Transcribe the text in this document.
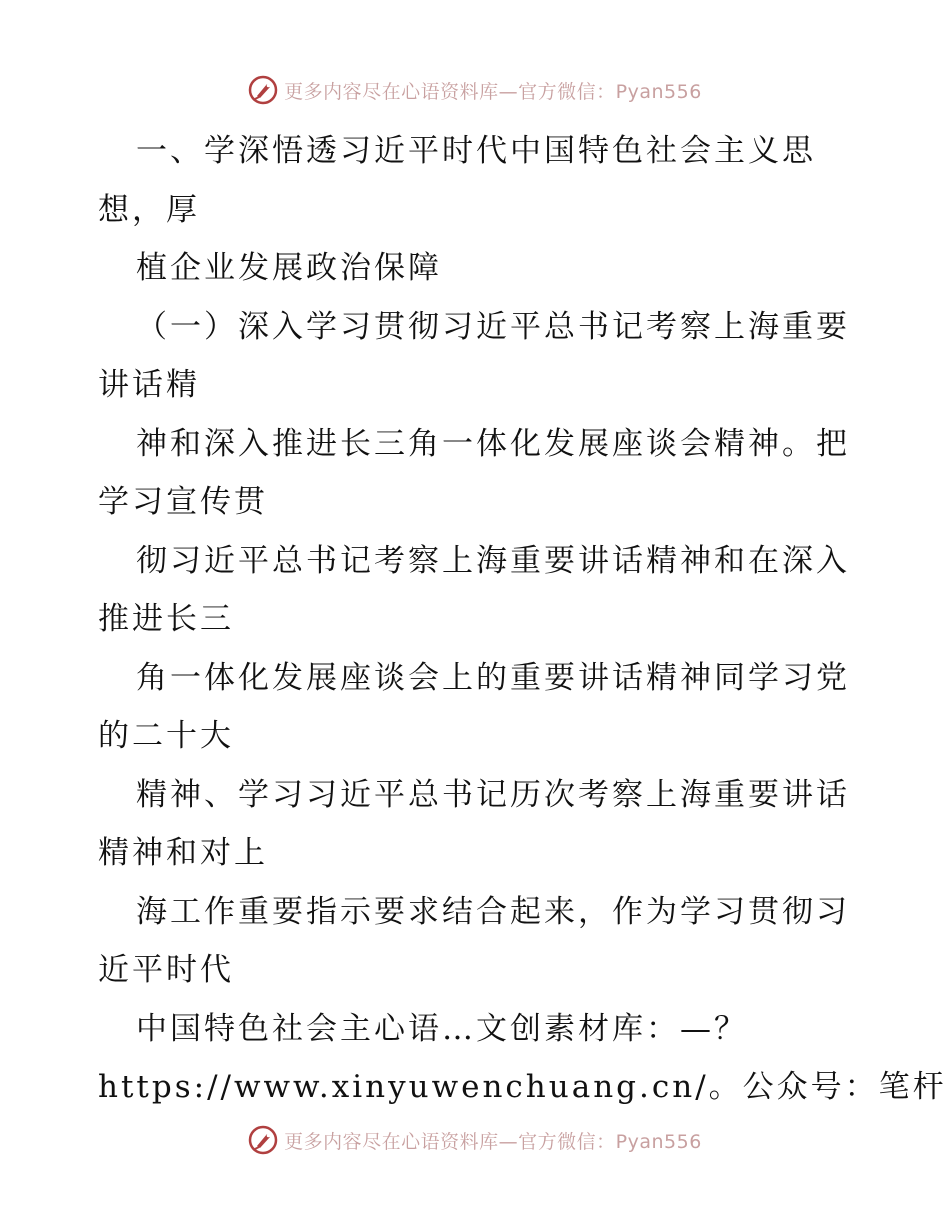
更多内容尽在心语资料库—官方微信：Pyan556
一、学深悟透习近平时代中国特色社会主义思
想，厚
植企业发展政治保障
（一）深入学习贯彻习近平总书记考察上海重要
讲话精
神和深入推进长三角一体化发展座谈会精神。把
学习宣传贯
彻习近平总书记考察上海重要讲话精神和在深入
推进长三
角一体化发展座谈会上的重要讲话精神同学习党
的二十大
精神、学习习近平总书记历次考察上海重要讲话
精神和对上
海工作重要指示要求结合起来，作为学习贯彻习
近平时代
中国特色社会主心语…文创素材库：—？
https://www.xinyuwenchuang.cn/。公众号：笔杆
更多内容尽在心语资料库—官方微信：Pyan556
